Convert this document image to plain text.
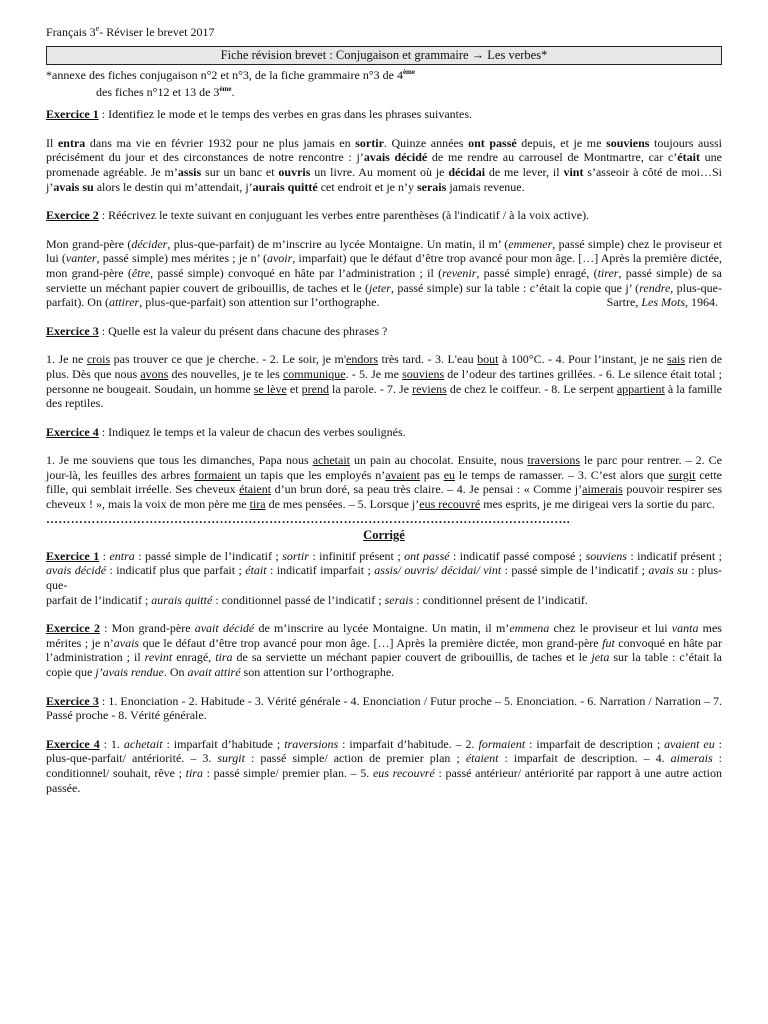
Français 3e- Réviser le brevet 2017
Fiche révision brevet : Conjugaison et grammaire → Les verbes*
*annexe des fiches conjugaison n°2 et n°3, de la fiche grammaire n°3 de 4ème
des fiches n°12 et 13 de 3ème.

Exercice 1 : Identifiez le mode et le temps des verbes en gras dans les phrases suivantes.

Il entra dans ma vie en février 1932 pour ne plus jamais en sortir. Quinze années ont passé depuis, et je me souviens toujours aussi précisément du jour et des circonstances de notre rencontre : j’avais décidé de me rendre au carrousel de Montmartre, car c’était une promenade agréable. Je m’assis sur un banc et ouvris un livre. Au moment où je décidai de me lever, il vint s’asseoir à côté de moi…Si j’avais su alors le destin qui m’attendait, j’aurais quitté cet endroit et je n’y serais jamais revenue.

Exercice 2 : Réécrivez le texte suivant en conjuguant les verbes entre parenthèses (à l'indicatif / à la voix active).

Mon grand-père (décider, plus-que-parfait) de m’inscrire au lycée Montaigne. Un matin, il m’ (emmener, passé simple) chez le proviseur et lui (vanter, passé simple) mes mérites ; je n’ (avoir, imparfait) que le défaut d’être trop avancé pour mon âge. […] Après la première dictée, mon grand-père (être, passé simple) convoqué en hâte par l’administration ; il (revenir, passé simple) enragé, (tirer, passé simple) de sa serviette un méchant papier couvert de gribouillis, de taches et le (jeter, passé simple) sur la table : c’était la copie que j’ (rendre, plus-que-parfait). On (attirer, plus-que-parfait) son attention sur l’orthographe.	Sartre, Les Mots, 1964.

Exercice 3 : Quelle est la valeur du présent dans chacune des phrases ?

1. Je ne crois pas trouver ce que je cherche. - 2. Le soir, je m'endors très tard. - 3. L'eau bout à 100°C. - 4. Pour l’instant, je ne sais rien de plus. Dès que nous avons des nouvelles, je te les communique. - 5. Je me souviens de l’odeur des tartines grillées. - 6. Le silence était total ; personne ne bougeait. Soudain, un homme se lève et prend la parole. - 7. Je reviens de chez le coiffeur. - 8. Le serpent appartient à la famille des reptiles.

Exercice 4 : Indiquez le temps et la valeur de chacun des verbes soulignés.

1. Je me souviens que tous les dimanches, Papa nous achetait un pain au chocolat. Ensuite, nous traversions le parc pour rentrer. – 2. Ce jour-là, les feuilles des arbres formaient un tapis que les employés n’avaient pas eu le temps de ramasser. – 3. C’est alors que surgit cette fille, qui semblait irréelle. Ses cheveux étaient d’un brun doré, sa peau très claire. – 4. Je pensai : « Comme j’aimerais pouvoir respirer ses cheveux ! », mais la voix de mon père me tira de mes pensées. – 5. Lorsque j’eus recouvré mes esprits, je me dirigeai vers la sortie du parc.

……………………………………………………………………………………………………………….
Corrigé

Exercice 1 : entra : passé simple de l’indicatif ; sortir : infinitif présent ; ont passé : indicatif passé composé ; souviens : indicatif présent ; avais décidé : indicatif plus que parfait ; était : indicatif imparfait ; assis/ ouvris/ décidai/ vint : passé simple de l’indicatif ; avais su : plus-que-
parfait de l’indicatif ; aurais quitté : conditionnel passé de l’indicatif ; serais : conditionnel présent de l’indicatif.

Exercice 2 : Mon grand-père avait décidé de m’inscrire au lycée Montaigne. Un matin, il m’emmena chez le proviseur et lui vanta mes mérites ; je n’avais que le défaut d’être trop avancé pour mon âge. […] Après la première dictée, mon grand-père fut convoqué en hâte par l’administration ; il revint enragé, tira de sa serviette un méchant papier couvert de gribouillis, de taches et le jeta sur la table : c’était la copie que j’avais rendue. On avait attiré son attention sur l’orthographe.

Exercice 3 : 1. Enonciation - 2. Habitude - 3. Vérité générale - 4. Enonciation / Futur proche – 5. Enonciation. - 6. Narration / Narration – 7. Passé proche - 8. Vérité générale.

Exercice 4 : 1. achetait : imparfait d’habitude ; traversions : imparfait d’habitude. – 2. formaient : imparfait de description ; avaient eu : plus-que-parfait/ antériorité. – 3. surgit : passé simple/ action de premier plan ; étaient : imparfait de description. – 4. aimerais : conditionnel/ souhait, rêve ; tira : passé simple/ premier plan. – 5. eus recouvré : passé antérieur/ antériorité par rapport à une autre action passée.
